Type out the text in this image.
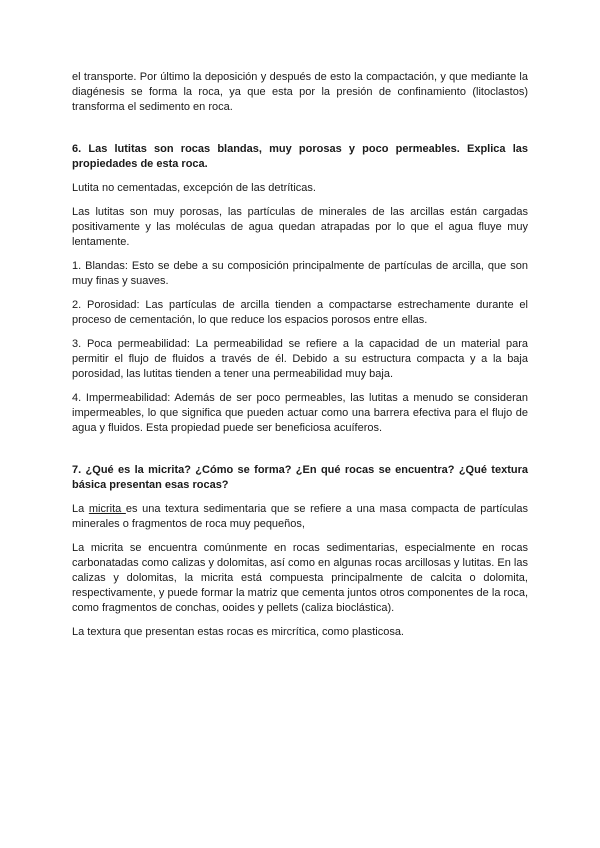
el transporte. Por último la deposición y después de esto la compactación, y que mediante la diagénesis se forma la roca, ya que esta por la presión de confinamiento (litoclastos) transforma el sedimento en roca.

6. Las lutitas son rocas blandas, muy porosas y poco permeables. Explica las propiedades de esta roca.

Lutita no cementadas, excepción de las detríticas.

Las lutitas son muy porosas, las partículas de minerales de las arcillas están cargadas positivamente y las moléculas de agua quedan atrapadas por lo que el agua fluye muy lentamente.

1. Blandas: Esto se debe a su composición principalmente de partículas de arcilla, que son muy finas y suaves.

2. Porosidad: Las partículas de arcilla tienden a compactarse estrechamente durante el proceso de cementación, lo que reduce los espacios porosos entre ellas.

3. Poca permeabilidad: La permeabilidad se refiere a la capacidad de un material para permitir el flujo de fluidos a través de él. Debido a su estructura compacta y a la baja porosidad, las lutitas tienden a tener una permeabilidad muy baja.

4. Impermeabilidad: Además de ser poco permeables, las lutitas a menudo se consideran impermeables, lo que significa que pueden actuar como una barrera efectiva para el flujo de agua y fluidos. Esta propiedad puede ser beneficiosa acuíferos.

7. ¿Qué es la micrita? ¿Cómo se forma? ¿En qué rocas se encuentra? ¿Qué textura básica presentan esas rocas?

La micrita es una textura sedimentaria que se refiere a una masa compacta de partículas minerales o fragmentos de roca muy pequeños,

La micrita se encuentra comúnmente en rocas sedimentarias, especialmente en rocas carbonatadas como calizas y dolomitas, así como en algunas rocas arcillosas y lutitas. En las calizas y dolomitas, la micrita está compuesta principalmente de calcita o dolomita, respectivamente, y puede formar la matriz que cementa juntos otros componentes de la roca, como fragmentos de conchas, ooides y pellets (caliza bioclástica).

La textura que presentan estas rocas es mircrítica, como plasticosa.
